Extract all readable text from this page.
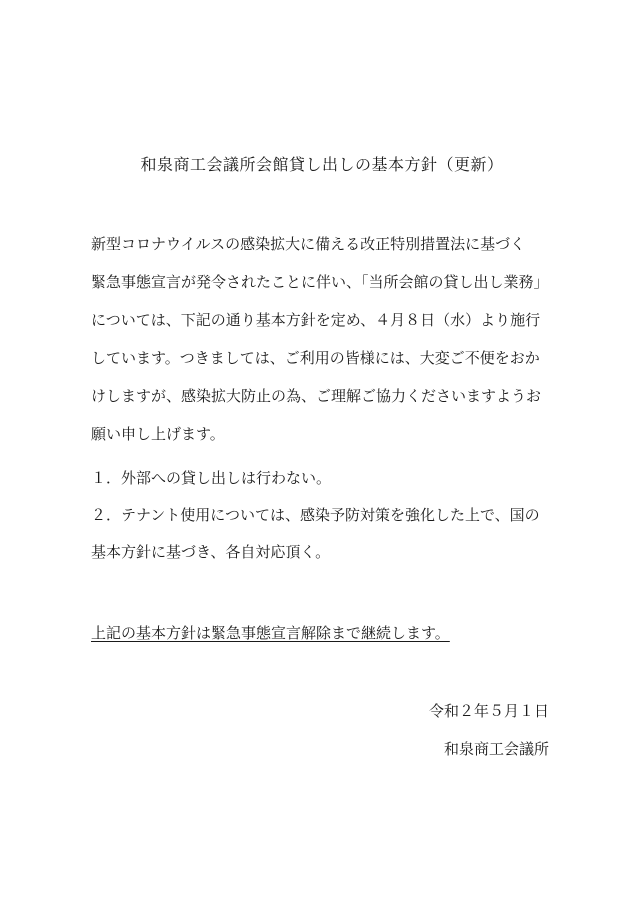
和泉商工会議所会館貸し出しの基本方針（更新）
新型コロナウイルスの感染拡大に備える改正特別措置法に基づく
緊急事態宣言が発令されたことに伴い、「当所会館の貸し出し業務」
については、下記の通り基本方針を定め、４月８日（水）より施行
しています。つきましては、ご利用の皆様には、大変ご不便をおか
けしますが、感染拡大防止の為、ご理解ご協力くださいますようお
願い申し上げます。
１．外部への貸し出しは行わない。
２．テナント使用については、感染予防対策を強化した上で、国の
基本方針に基づき、各自対応頂く。
上記の基本方針は緊急事態宣言解除まで継続します。
令和２年５月１日
和泉商工会議所
